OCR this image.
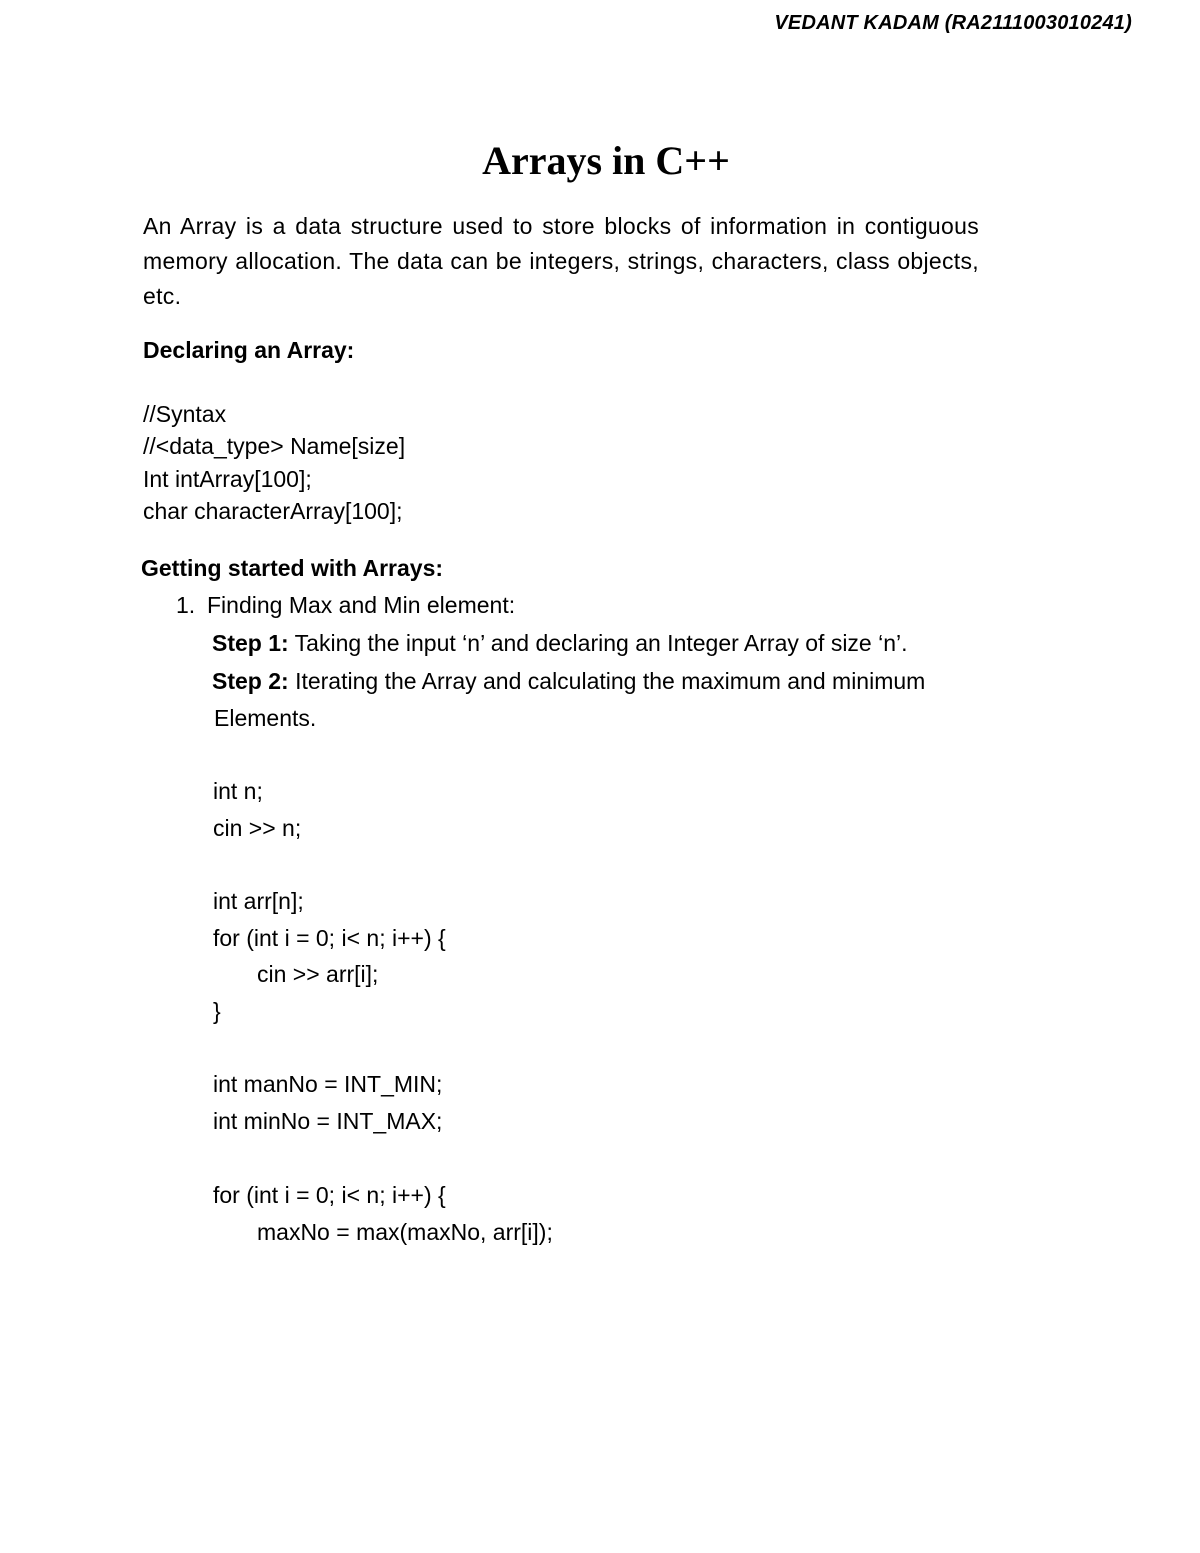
VEDANT KADAM (RA2111003010241)
Arrays in C++
An Array is a data structure used to store blocks of information in contiguous memory allocation. The data can be integers, strings, characters, class objects, etc.
Declaring an Array:
//Syntax
//<data_type> Name[size]
Int intArray[100];
char characterArray[100];
Getting started with Arrays:
1. Finding Max and Min element:
Step 1: Taking the input ‘n’ and declaring an Integer Array of size ‘n’.
Step 2: Iterating the Array and calculating the maximum and minimum
Elements.
int n;
cin >> n;
int arr[n];
for (int i = 0; i< n; i++) {
cin >> arr[i];
}
int manNo = INT_MIN;
int minNo = INT_MAX;
for (int i = 0; i< n; i++) {
maxNo = max(maxNo, arr[i]);
